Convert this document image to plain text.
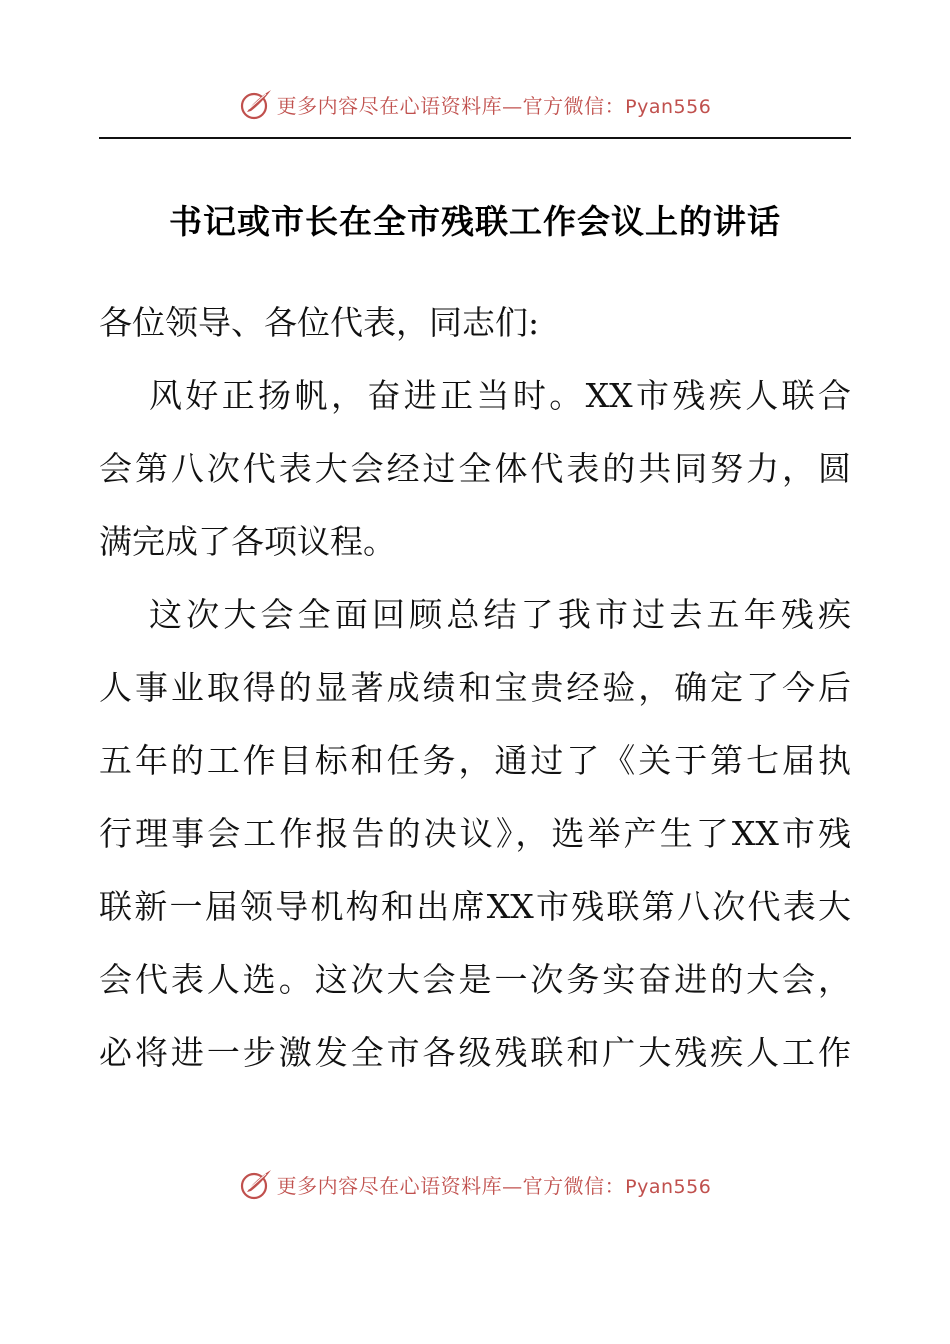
更多内容尽在心语资料库—官方微信：Pyan556
书记或市长在全市残联工作会议上的讲话
各位领导、各位代表，同志们:
风好正扬帆，奋进正当时。XX市残疾人联合
会第八次代表大会经过全体代表的共同努力，圆
满完成了各项议程。
这次大会全面回顾总结了我市过去五年残疾
人事业取得的显著成绩和宝贵经验，确定了今后
五年的工作目标和任务，通过了《关于第七届执
行理事会工作报告的决议》，选举产生了XX市残
联新一届领导机构和出席XX市残联第八次代表大
会代表人选。这次大会是一次务实奋进的大会，
必将进一步激发全市各级残联和广大残疾人工作
更多内容尽在心语资料库—官方微信：Pyan556
